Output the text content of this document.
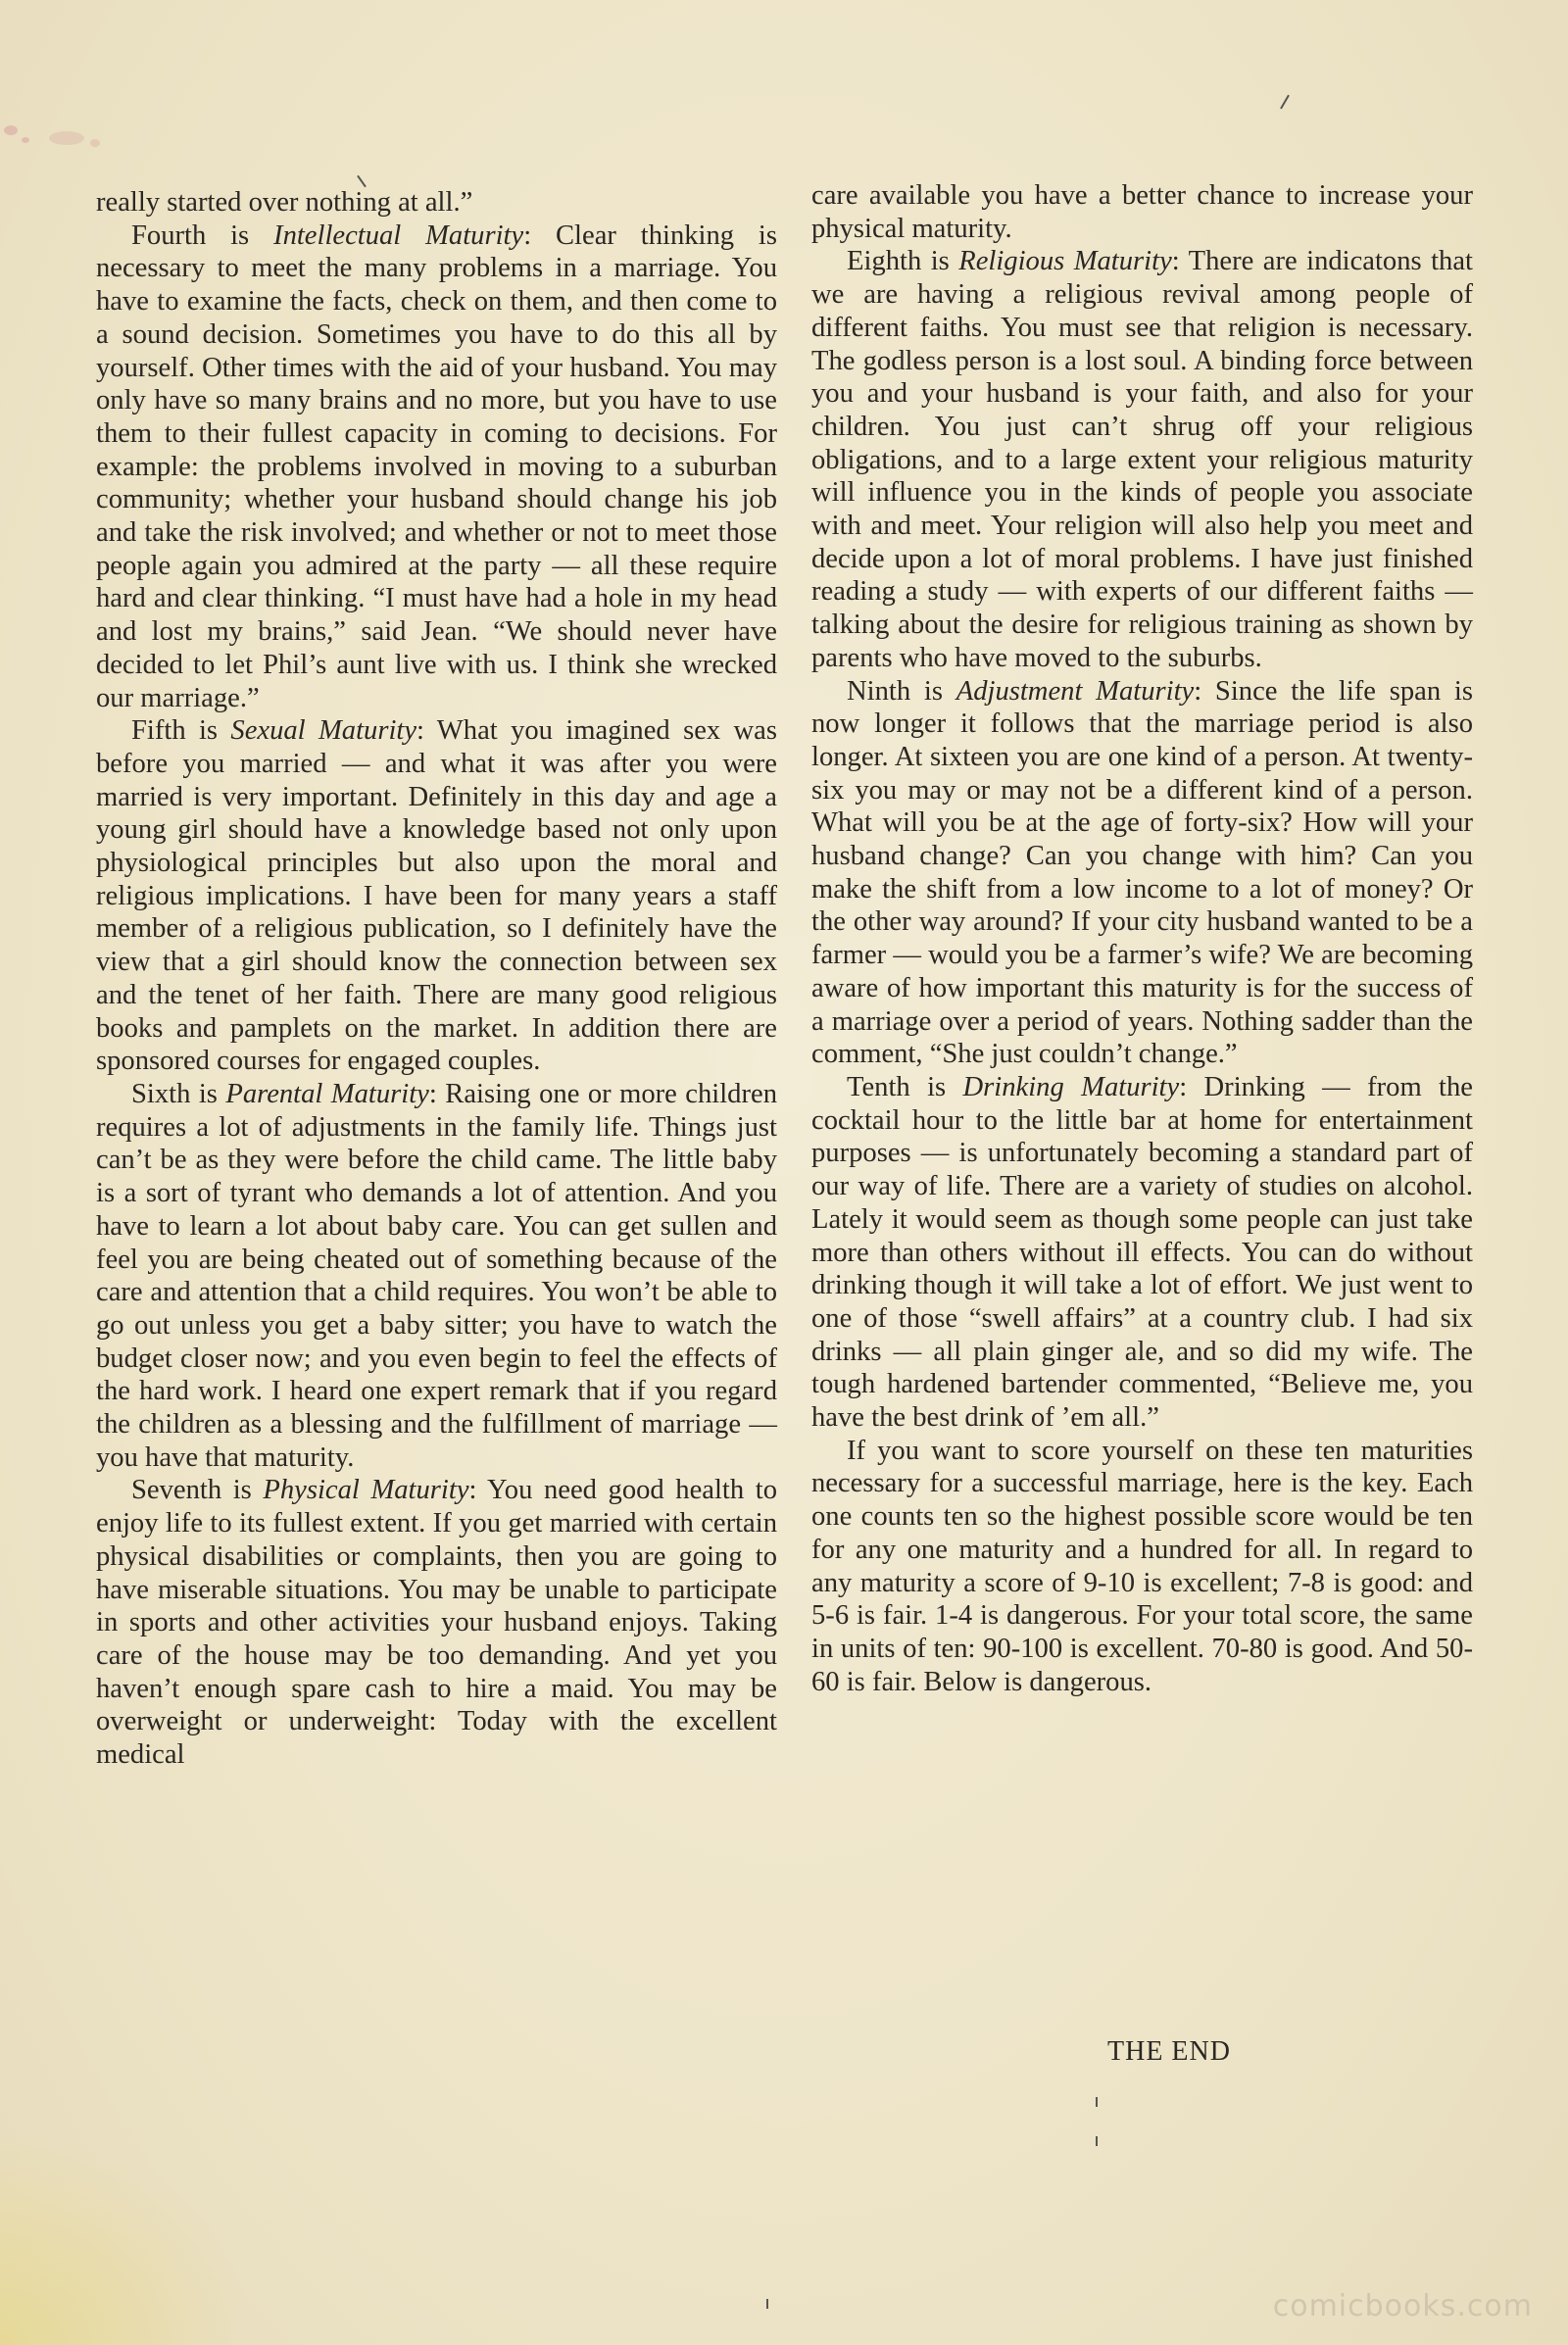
really started over nothing at all.”

Fourth is Intellectual Maturity: Clear thinking is necessary to meet the many problems in a marriage. You have to examine the facts, check on them, and then come to a sound decision. Sometimes you have to do this all by yourself. Other times with the aid of your husband. You may only have so many brains and no more, but you have to use them to their fullest capacity in coming to decisions. For example: the problems involved in moving to a suburban community; whether your husband should change his job and take the risk involved; and whether or not to meet those people again you admired at the party — all these require hard and clear thinking. “I must have had a hole in my head and lost my brains,” said Jean. “We should never have decided to let Phil’s aunt live with us. I think she wrecked our marriage.”

Fifth is Sexual Maturity: What you imagined sex was before you married — and what it was after you were married is very important. Definitely in this day and age a young girl should have a knowledge based not only upon physiological principles but also upon the moral and religious implications. I have been for many years a staff member of a religious publication, so I definitely have the view that a girl should know the connection between sex and the tenet of her faith. There are many good religious books and pamplets on the market. In addition there are sponsored courses for engaged couples.

Sixth is Parental Maturity: Raising one or more children requires a lot of adjustments in the family life. Things just can’t be as they were before the child came. The little baby is a sort of tyrant who demands a lot of attention. And you have to learn a lot about baby care. You can get sullen and feel you are being cheated out of something because of the care and attention that a child requires. You won’t be able to go out unless you get a baby sitter; you have to watch the budget closer now; and you even begin to feel the effects of the hard work. I heard one expert remark that if you regard the children as a blessing and the fulfillment of marriage — you have that maturity.

Seventh is Physical Maturity: You need good health to enjoy life to its fullest extent. If you get married with certain physical disabilities or complaints, then you are going to have miserable situations. You may be unable to participate in sports and other activities your husband enjoys. Taking care of the house may be too demanding. And yet you haven’t enough spare cash to hire a maid. You may be overweight or underweight: Today with the excellent medical

care available you have a better chance to increase your physical maturity.

Eighth is Religious Maturity: There are indicatons that we are having a religious revival among people of different faiths. You must see that religion is necessary. The godless person is a lost soul. A binding force between you and your husband is your faith, and also for your children. You just can’t shrug off your religious obligations, and to a large extent your religious maturity will influence you in the kinds of people you associate with and meet. Your religion will also help you meet and decide upon a lot of moral problems. I have just finished reading a study — with experts of our different faiths — talking about the desire for religious training as shown by parents who have moved to the suburbs.

Ninth is Adjustment Maturity: Since the life span is now longer it follows that the marriage period is also longer. At sixteen you are one kind of a person. At twenty-six you may or may not be a different kind of a person. What will you be at the age of forty-six? How will your husband change? Can you change with him? Can you make the shift from a low income to a lot of money? Or the other way around? If your city husband wanted to be a farmer — would you be a farmer’s wife? We are becoming aware of how important this maturity is for the success of a marriage over a period of years. Nothing sadder than the comment, “She just couldn’t change.”

Tenth is Drinking Maturity: Drinking — from the cocktail hour to the little bar at home for entertainment purposes — is unfortunately becoming a standard part of our way of life. There are a variety of studies on alcohol. Lately it would seem as though some people can just take more than others without ill effects. You can do without drinking though it will take a lot of effort. We just went to one of those “swell affairs” at a country club. I had six drinks — all plain ginger ale, and so did my wife. The tough hardened bartender commented, “Believe me, you have the best drink of ’em all.”

If you want to score yourself on these ten maturities necessary for a successful marriage, here is the key. Each one counts ten so the highest possible score would be ten for any one maturity and a hundred for all. In regard to any maturity a score of 9-10 is excellent; 7-8 is good: and 5-6 is fair. 1-4 is dangerous. For your total score, the same in units of ten: 90-100 is excellent. 70-80 is good. And 50-60 is fair. Below is dangerous.

THE END
comicbooks.com
